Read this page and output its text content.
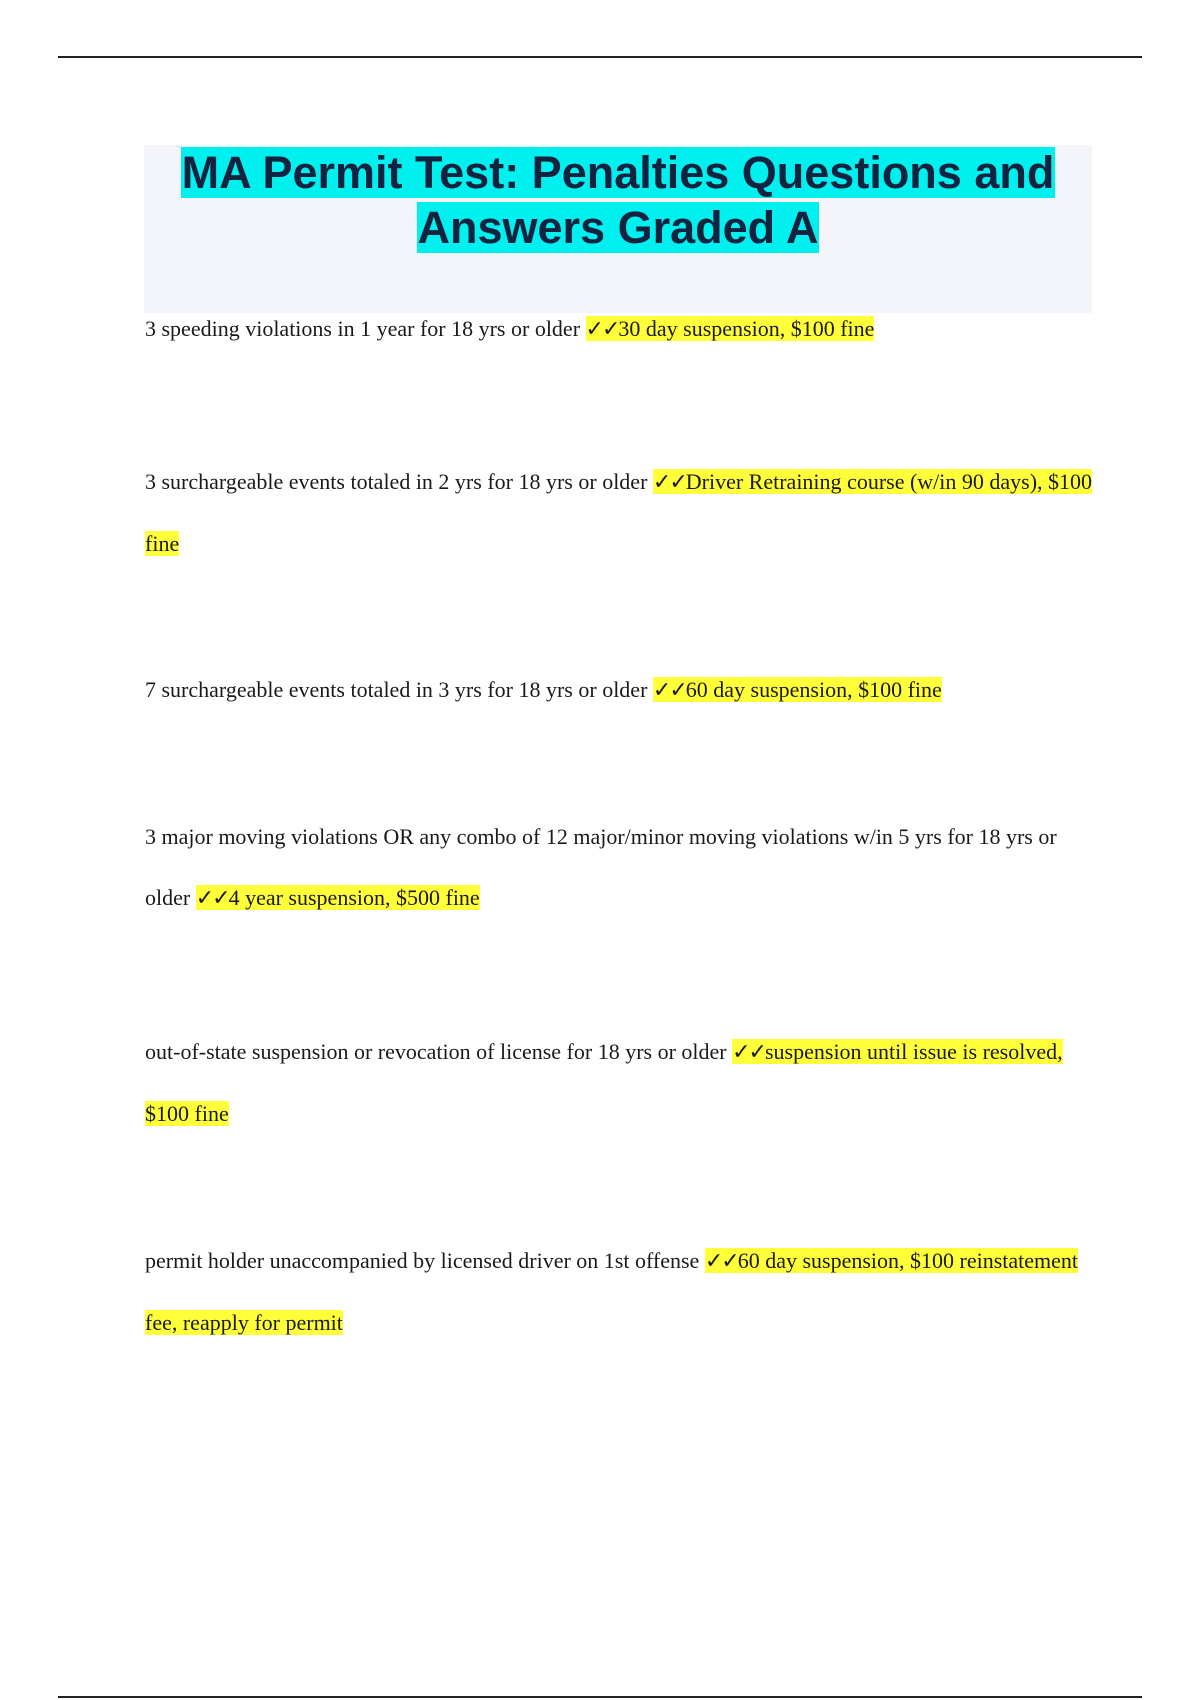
MA Permit Test: Penalties Questions and Answers Graded A

3 speeding violations in 1 year for 18 yrs or older ✓✓30 day suspension, $100 fine

3 surchargeable events totaled in 2 yrs for 18 yrs or older ✓✓Driver Retraining course (w/in 90 days), $100 fine

7 surchargeable events totaled in 3 yrs for 18 yrs or older ✓✓60 day suspension, $100 fine

3 major moving violations OR any combo of 12 major/minor moving violations w/in 5 yrs for 18 yrs or older ✓✓4 year suspension, $500 fine

out-of-state suspension or revocation of license for 18 yrs or older ✓✓suspension until issue is resolved, $100 fine

permit holder unaccompanied by licensed driver on 1st offense ✓✓60 day suspension, $100 reinstatement fee, reapply for permit
